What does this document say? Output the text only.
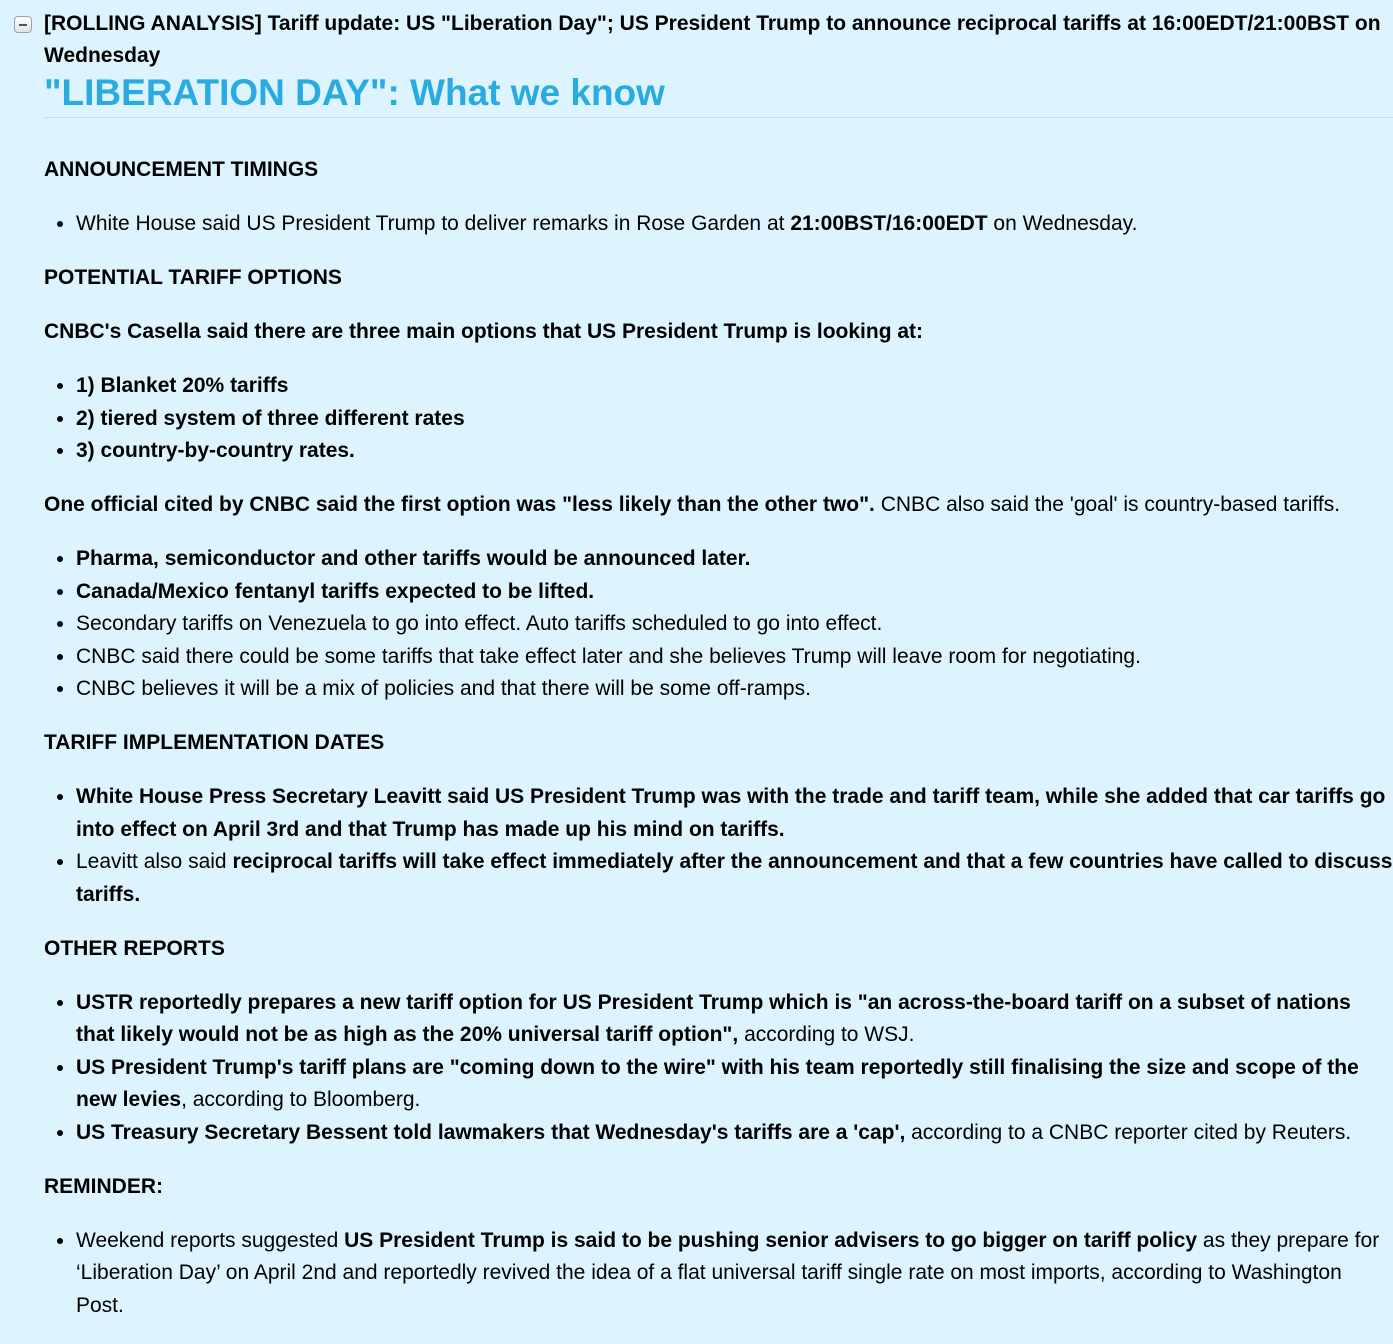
[ROLLING ANALYSIS] Tariff update: US "Liberation Day"; US President Trump to announce reciprocal tariffs at 16:00EDT/21:00BST on Wednesday
"LIBERATION DAY": What we know

ANNOUNCEMENT TIMINGS

• White House said US President Trump to deliver remarks in Rose Garden at 21:00BST/16:00EDT on Wednesday.

POTENTIAL TARIFF OPTIONS

CNBC's Casella said there are three main options that US President Trump is looking at:

• 1) Blanket 20% tariffs
• 2) tiered system of three different rates
• 3) country-by-country rates.

One official cited by CNBC said the first option was "less likely than the other two". CNBC also said the 'goal' is country-based tariffs.

• Pharma, semiconductor and other tariffs would be announced later.
• Canada/Mexico fentanyl tariffs expected to be lifted.
• Secondary tariffs on Venezuela to go into effect. Auto tariffs scheduled to go into effect.
• CNBC said there could be some tariffs that take effect later and she believes Trump will leave room for negotiating.
• CNBC believes it will be a mix of policies and that there will be some off-ramps.

TARIFF IMPLEMENTATION DATES

• White House Press Secretary Leavitt said US President Trump was with the trade and tariff team, while she added that car tariffs go into effect on April 3rd and that Trump has made up his mind on tariffs.
• Leavitt also said reciprocal tariffs will take effect immediately after the announcement and that a few countries have called to discuss tariffs.

OTHER REPORTS

• USTR reportedly prepares a new tariff option for US President Trump which is "an across-the-board tariff on a subset of nations that likely would not be as high as the 20% universal tariff option", according to WSJ.
• US President Trump's tariff plans are "coming down to the wire" with his team reportedly still finalising the size and scope of the new levies, according to Bloomberg.
• US Treasury Secretary Bessent told lawmakers that Wednesday's tariffs are a 'cap', according to a CNBC reporter cited by Reuters.

REMINDER:

• Weekend reports suggested US President Trump is said to be pushing senior advisers to go bigger on tariff policy as they prepare for ‘Liberation Day’ on April 2nd and reportedly revived the idea of a flat universal tariff single rate on most imports, according to Washington Post.
